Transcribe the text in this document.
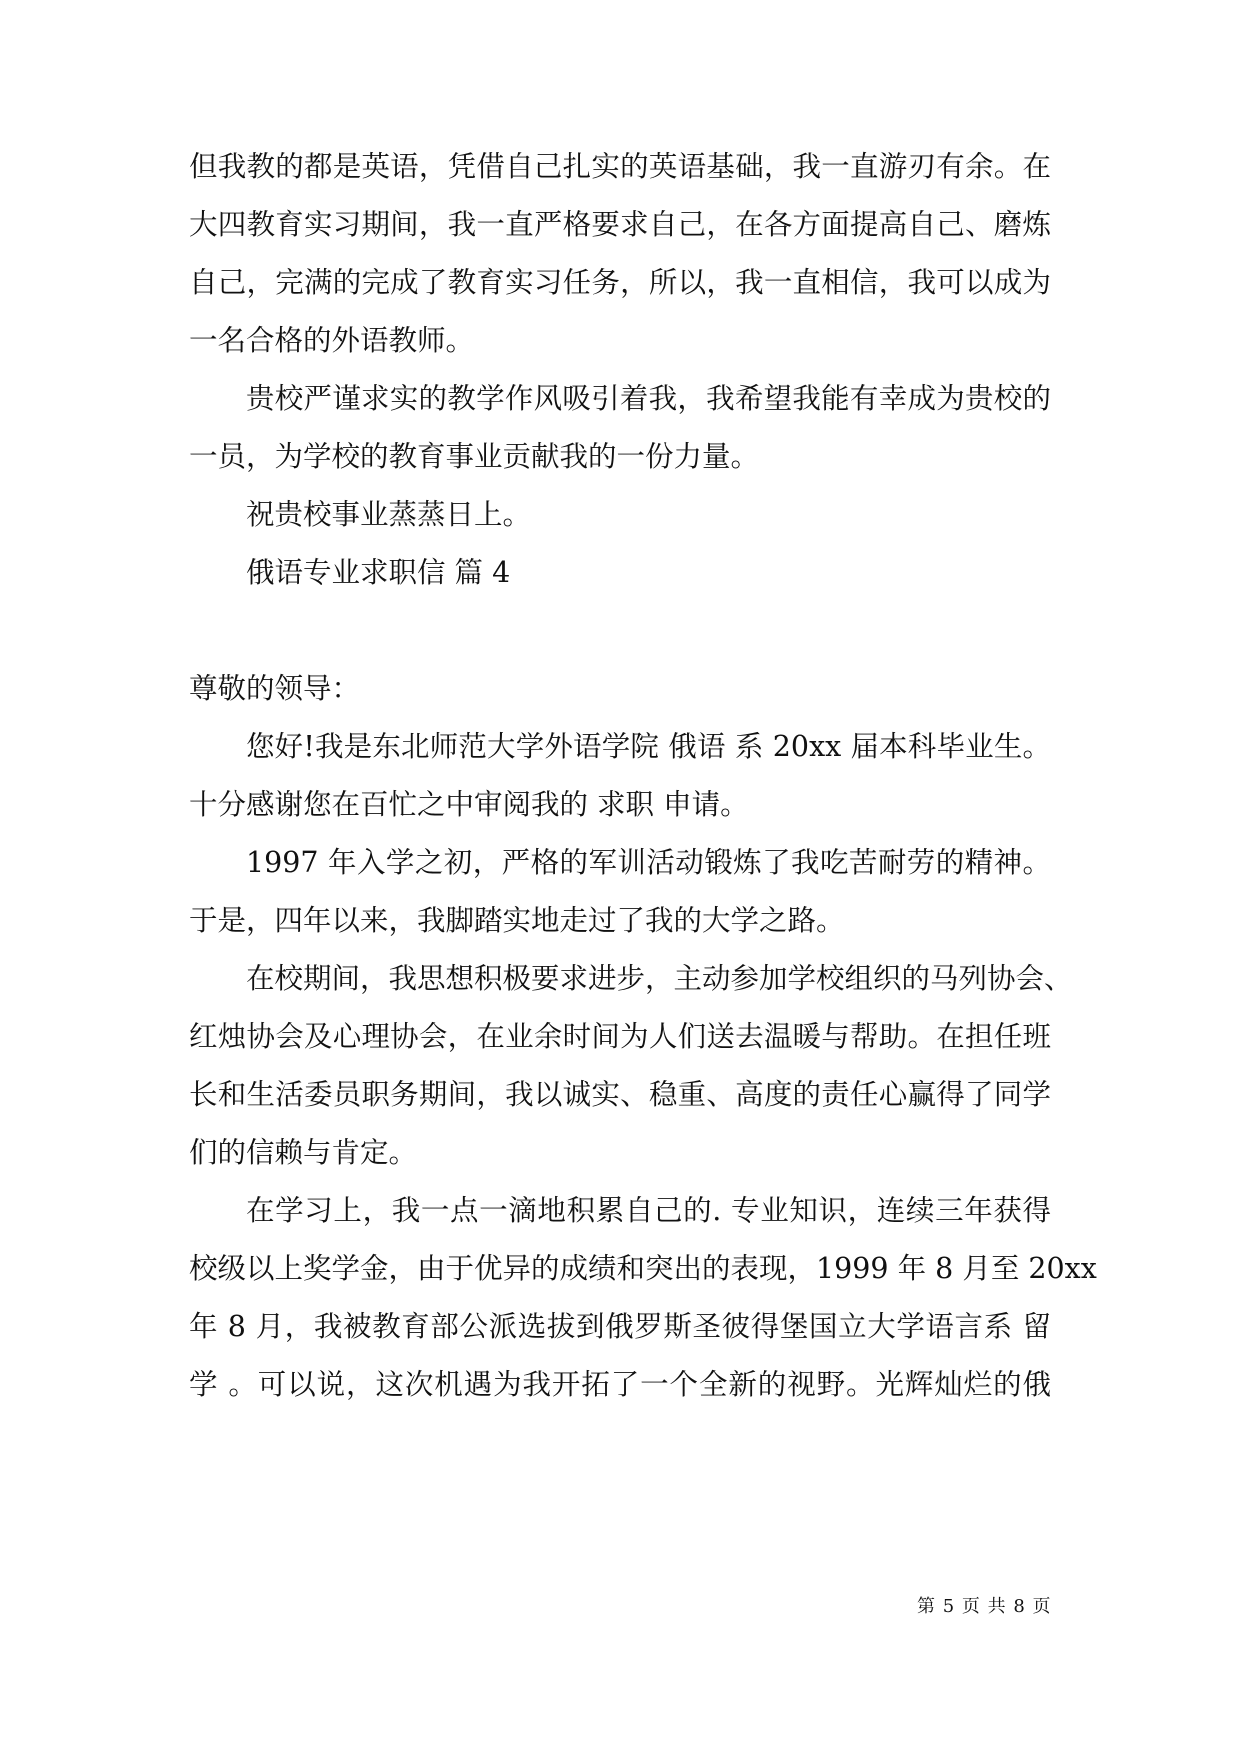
但我教的都是英语，凭借自己扎实的英语基础，我一直游刃有余。在
大四教育实习期间，我一直严格要求自己，在各方面提高自己、磨炼
自己，完满的完成了教育实习任务，所以，我一直相信，我可以成为
一名合格的外语教师。
贵校严谨求实的教学作风吸引着我，我希望我能有幸成为贵校的
一员，为学校的教育事业贡献我的一份力量。
祝贵校事业蒸蒸日上。
俄语专业求职信 篇 4
尊敬的领导：
您好!我是东北师范大学外语学院 俄语 系 20xx 届本科毕业生。
十分感谢您在百忙之中审阅我的 求职 申请。
1997 年入学之初，严格的军训活动锻炼了我吃苦耐劳的精神。
于是，四年以来，我脚踏实地走过了我的大学之路。
在校期间，我思想积极要求进步，主动参加学校组织的马列协会、
红烛协会及心理协会，在业余时间为人们送去温暖与帮助。在担任班
长和生活委员职务期间，我以诚实、稳重、高度的责任心赢得了同学
们的信赖与肯定。
在学习上，我一点一滴地积累自己的. 专业知识，连续三年获得
校级以上奖学金，由于优异的成绩和突出的表现，1999 年 8 月至 20xx
年 8 月，我被教育部公派选拔到俄罗斯圣彼得堡国立大学语言系 留
学 。可以说，这次机遇为我开拓了一个全新的视野。光辉灿烂的俄
第 5 页 共 8 页
